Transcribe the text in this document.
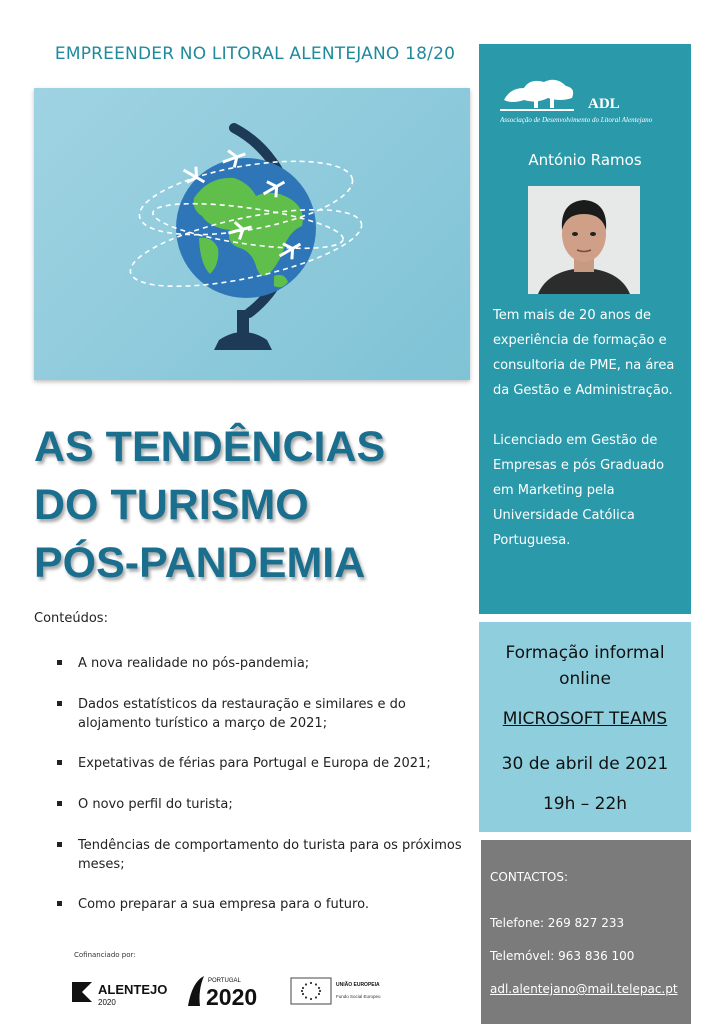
EMPREENDER NO LITORAL ALENTEJANO 18/20
AS TENDÊNCIAS
DO TURISMO
PÓS-PANDEMIA
Conteúdos:
A nova realidade no pós-pandemia;
Dados estatísticos da restauração e similares e do alojamento turístico a março de 2021;
Expetativas de férias para Portugal e Europa de 2021;
O novo perfil do turista;
Tendências de comportamento do turista para os próximos meses;
Como preparar a sua empresa para o futuro.
Cofinanciado por:
ALENTEJO
2020
PORTUGAL
2020	UNIÃO EUROPEIA
Fundo Social Europeu
ADL
Associação de Desenvolvimento do Litoral Alentejano
António Ramos

Tem mais de 20 anos de experiência de formação e consultoria de PME, na área da Gestão e Administração.

Licenciado em Gestão de Empresas e pós Graduado em Marketing pela Universidade Católica Portuguesa.

Formação informal online
MICROSOFT TEAMS
30 de abril de 2021
19h – 22h
CONTACTOS:
Telefone: 269 827 233
Telemóvel: 963 836 100
adl.alentejano@mail.telepac.pt
